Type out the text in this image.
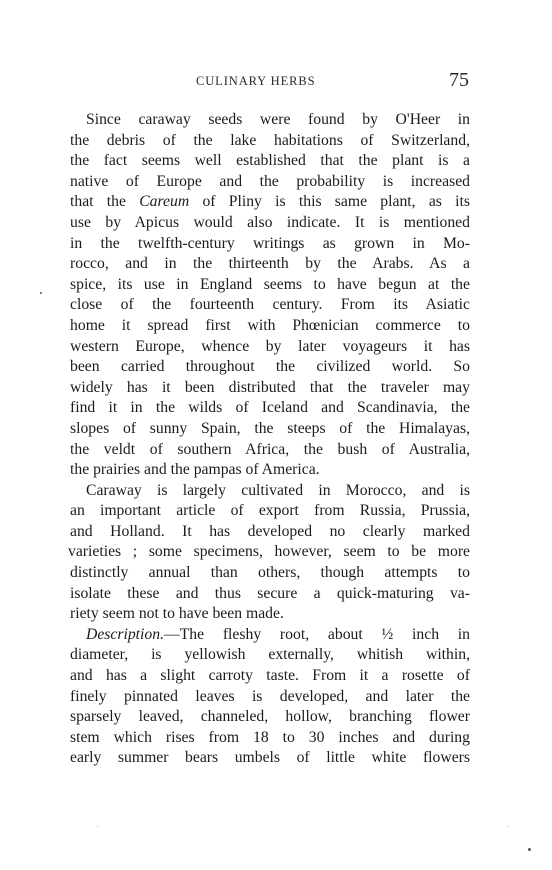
CULINARY HERBS	75
Since caraway seeds were found by O'Heer in
the debris of the lake habitations of Switzerland,
the fact seems well established that the plant is a
native of Europe and the probability is increased
that the Careum of Pliny is this same plant, as its
use by Apicus would also indicate. It is mentioned
in the twelfth-century writings as grown in Mo-
rocco, and in the thirteenth by the Arabs. As a
spice, its use in England seems to have begun at the
close of the fourteenth century. From its Asiatic
home it spread first with Phœnician commerce to
western Europe, whence by later voyageurs it has
been carried throughout the civilized world. So
widely has it been distributed that the traveler may
find it in the wilds of Iceland and Scandinavia, the
slopes of sunny Spain, the steeps of the Himalayas,
the veldt of southern Africa, the bush of Australia,
the prairies and the pampas of America.
Caraway is largely cultivated in Morocco, and is
an important article of export from Russia, Prussia,
and Holland. It has developed no clearly marked
varieties ; some specimens, however, seem to be more
distinctly annual than others, though attempts to
isolate these and thus secure a quick-maturing va-
riety seem not to have been made.
Description.—The fleshy root, about ½ inch in
diameter, is yellowish externally, whitish within,
and has a slight carroty taste. From it a rosette of
finely pinnated leaves is developed, and later the
sparsely leaved, channeled, hollow, branching flower
stem which rises from 18 to 30 inches and during
early summer bears umbels of little white flowers
